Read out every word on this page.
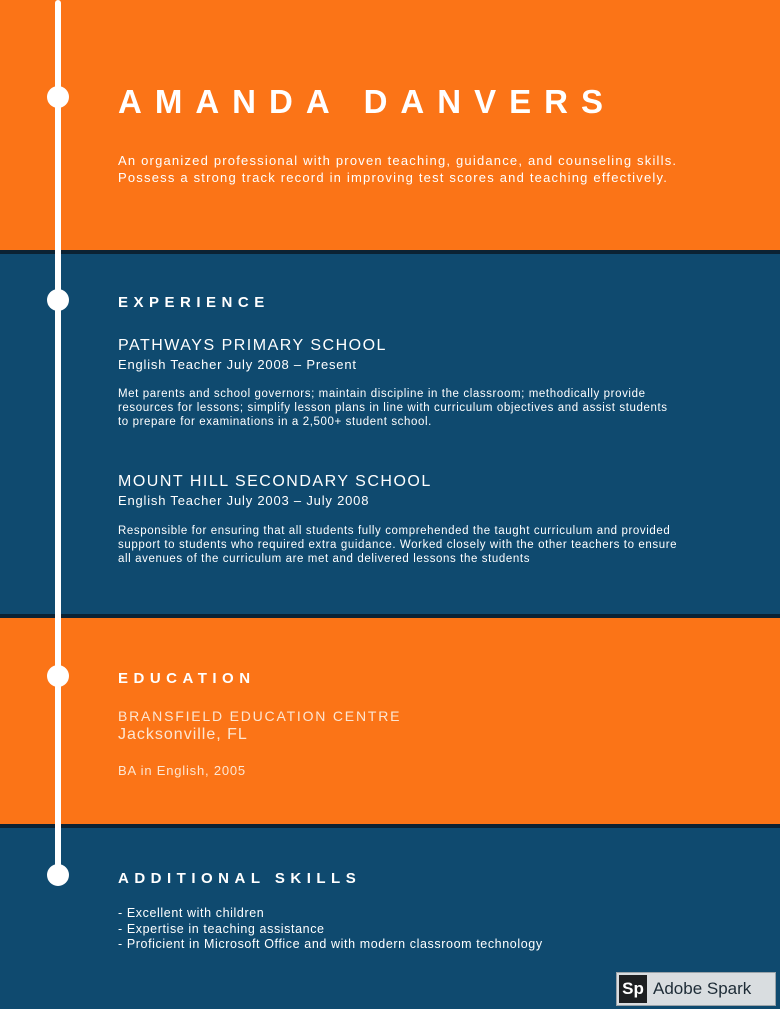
AMANDA DANVERS

An organized professional with proven teaching, guidance, and counseling skills. Possess a strong track record in improving test scores and teaching effectively.

EXPERIENCE

PATHWAYS PRIMARY SCHOOL

English Teacher July 2008 – Present

Met parents and school governors; maintain discipline in the classroom; methodically provide resources for lessons; simplify lesson plans in line with curriculum objectives and assist students to prepare for examinations in a 2,500+ student school.

MOUNT HILL SECONDARY SCHOOL

English Teacher July 2003 – July 2008

Responsible for ensuring that all students fully comprehended the taught curriculum and provided support to students who required extra guidance. Worked closely with the other teachers to ensure all avenues of the curriculum are met and delivered lessons the students

EDUCATION

BRANSFIELD EDUCATION CENTRE

Jacksonville, FL

BA in English, 2005

ADDITIONAL SKILLS
- Excellent with children
- Expertise in teaching assistance
- Proficient in Microsoft Office and with modern classroom technology
Sp Adobe Spark
